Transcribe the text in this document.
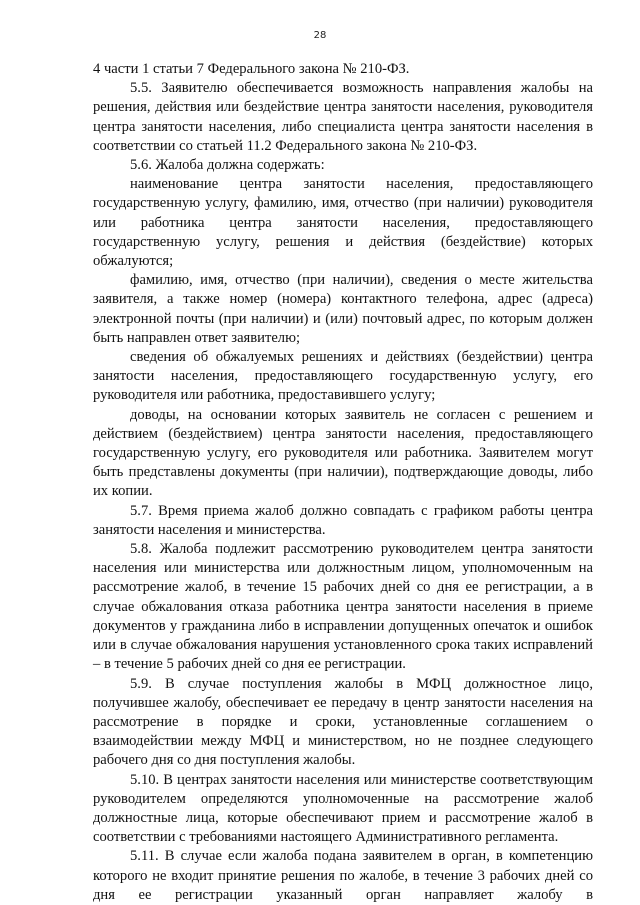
28

4 части 1 статьи 7 Федерального закона № 210-ФЗ.

5.5. Заявителю обеспечивается возможность направления жалобы на решения, действия или бездействие центра занятости населения, руководителя центра занятости населения, либо специалиста центра занятости населения в соответствии со статьей 11.2 Федерального закона № 210-ФЗ.

5.6. Жалоба должна содержать:

наименование центра занятости населения, предоставляющего государственную услугу, фамилию, имя, отчество (при наличии) руководителя или работника центра занятости населения, предоставляющего государственную услугу, решения и действия (бездействие) которых обжалуются;

фамилию, имя, отчество (при наличии), сведения о месте жительства заявителя, а также номер (номера) контактного телефона, адрес (адреса) электронной почты (при наличии) и (или) почтовый адрес, по которым должен быть направлен ответ заявителю;

сведения об обжалуемых решениях и действиях (бездействии) центра занятости населения, предоставляющего государственную услугу, его руководителя или работника, предоставившего услугу;

доводы, на основании которых заявитель не согласен с решением и действием (бездействием) центра занятости населения, предоставляющего государственную услугу, его руководителя или работника. Заявителем могут быть представлены документы (при наличии), подтверждающие доводы, либо их копии.

5.7. Время приема жалоб должно совпадать с графиком работы центра занятости населения и министерства.

5.8. Жалоба подлежит рассмотрению руководителем центра занятости населения или министерства или должностным лицом, уполномоченным на рассмотрение жалоб, в течение 15 рабочих дней со дня ее регистрации, а в случае обжалования отказа работника центра занятости населения в приеме документов у гражданина либо в исправлении допущенных опечаток и ошибок или в случае обжалования нарушения установленного срока таких исправлений – в течение 5 рабочих дней со дня ее регистрации.

5.9. В случае поступления жалобы в МФЦ должностное лицо, получившее жалобу, обеспечивает ее передачу в центр занятости населения на рассмотрение в порядке и сроки, установленные соглашением о взаимодействии между МФЦ и министерством, но не позднее следующего рабочего дня со дня поступления жалобы.

5.10. В центрах занятости населения или министерстве соответствующим руководителем определяются уполномоченные на рассмотрение жалоб должностные лица, которые обеспечивают прием и рассмотрение жалоб в соответствии с требованиями настоящего Административного регламента.

5.11. В случае если жалоба подана заявителем в орган, в компетенцию которого не входит принятие решения по жалобе, в течение 3 рабочих дней со дня ее регистрации указанный орган направляет жалобу в
